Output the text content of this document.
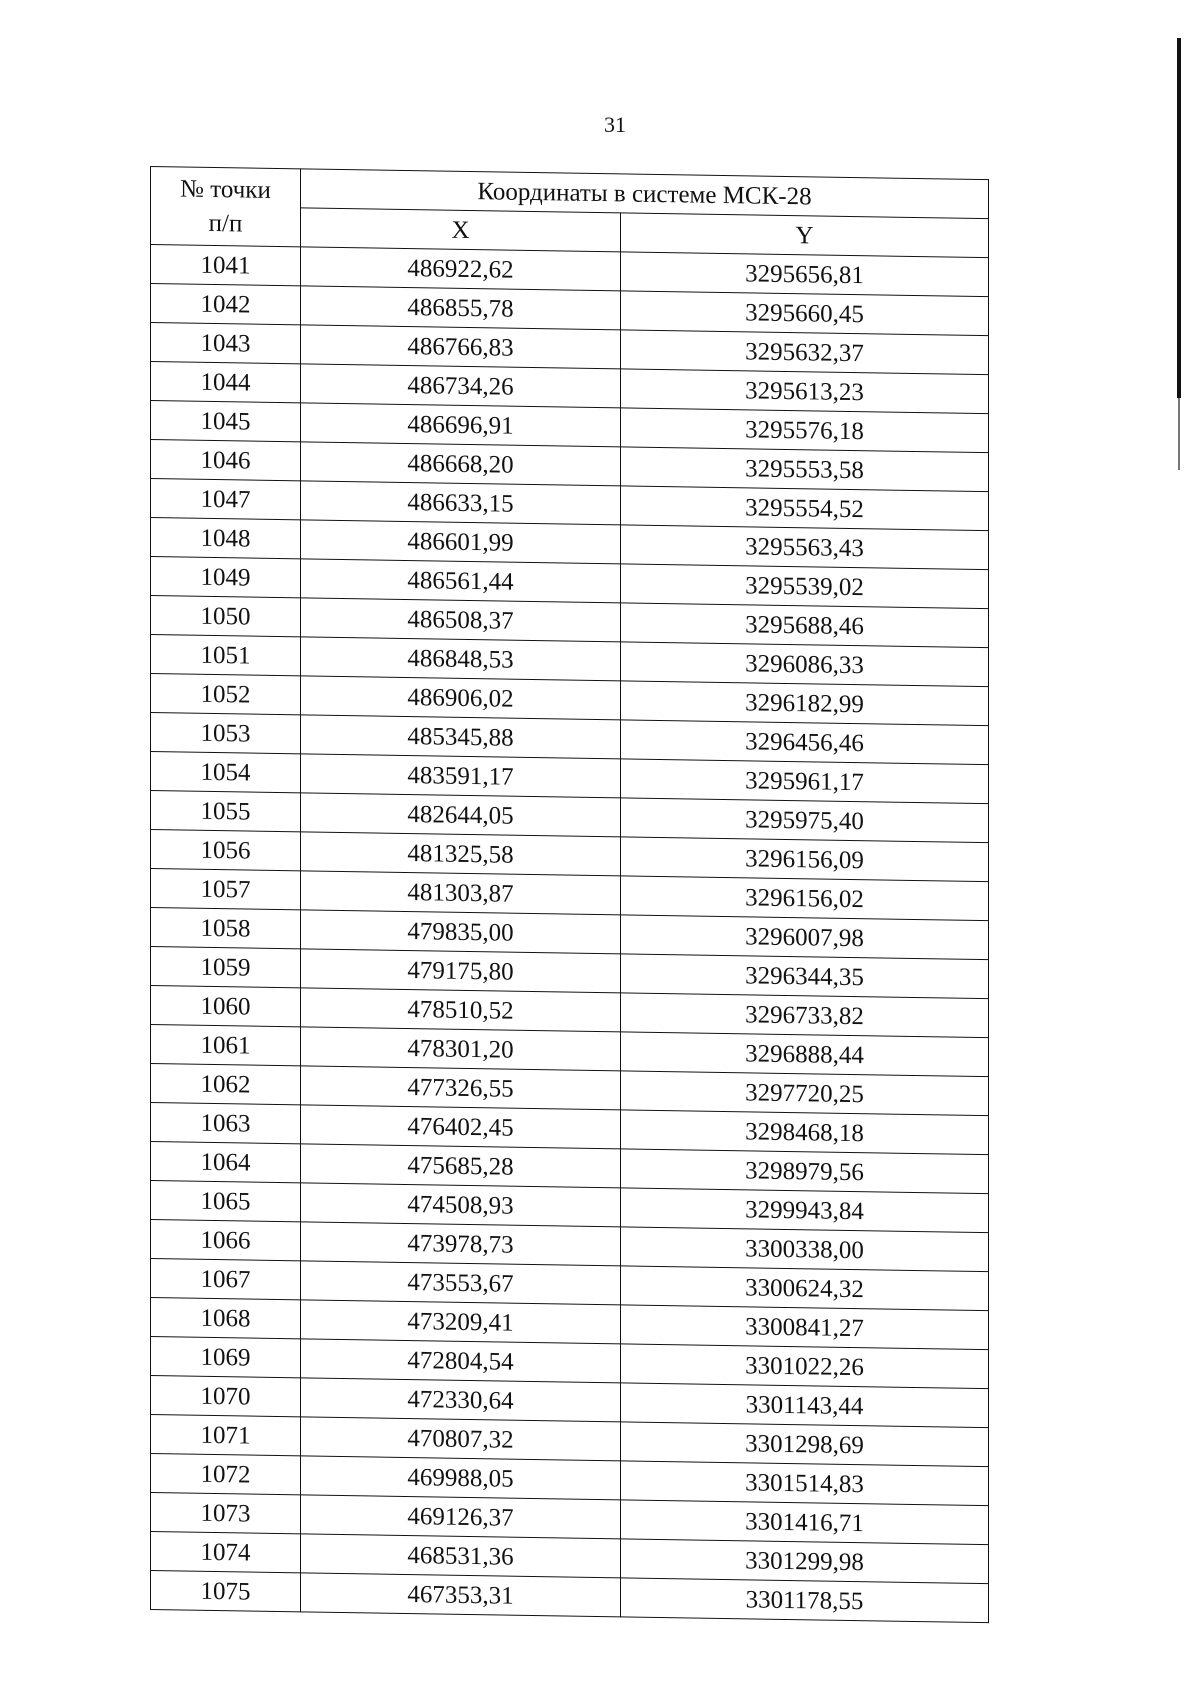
31
№ точки
п/п	Координаты в системе МСК-28	
	X	Y
1041	486922,62	3295656,81
1042	486855,78	3295660,45
1043	486766,83	3295632,37
1044	486734,26	3295613,23
1045	486696,91	3295576,18
1046	486668,20	3295553,58
1047	486633,15	3295554,52
1048	486601,99	3295563,43
1049	486561,44	3295539,02
1050	486508,37	3295688,46
1051	486848,53	3296086,33
1052	486906,02	3296182,99
1053	485345,88	3296456,46
1054	483591,17	3295961,17
1055	482644,05	3295975,40
1056	481325,58	3296156,09
1057	481303,87	3296156,02
1058	479835,00	3296007,98
1059	479175,80	3296344,35
1060	478510,52	3296733,82
1061	478301,20	3296888,44
1062	477326,55	3297720,25
1063	476402,45	3298468,18
1064	475685,28	3298979,56
1065	474508,93	3299943,84
1066	473978,73	3300338,00
1067	473553,67	3300624,32
1068	473209,41	3300841,27
1069	472804,54	3301022,26
1070	472330,64	3301143,44
1071	470807,32	3301298,69
1072	469988,05	3301514,83
1073	469126,37	3301416,71
1074	468531,36	3301299,98
1075	467353,31	3301178,55
